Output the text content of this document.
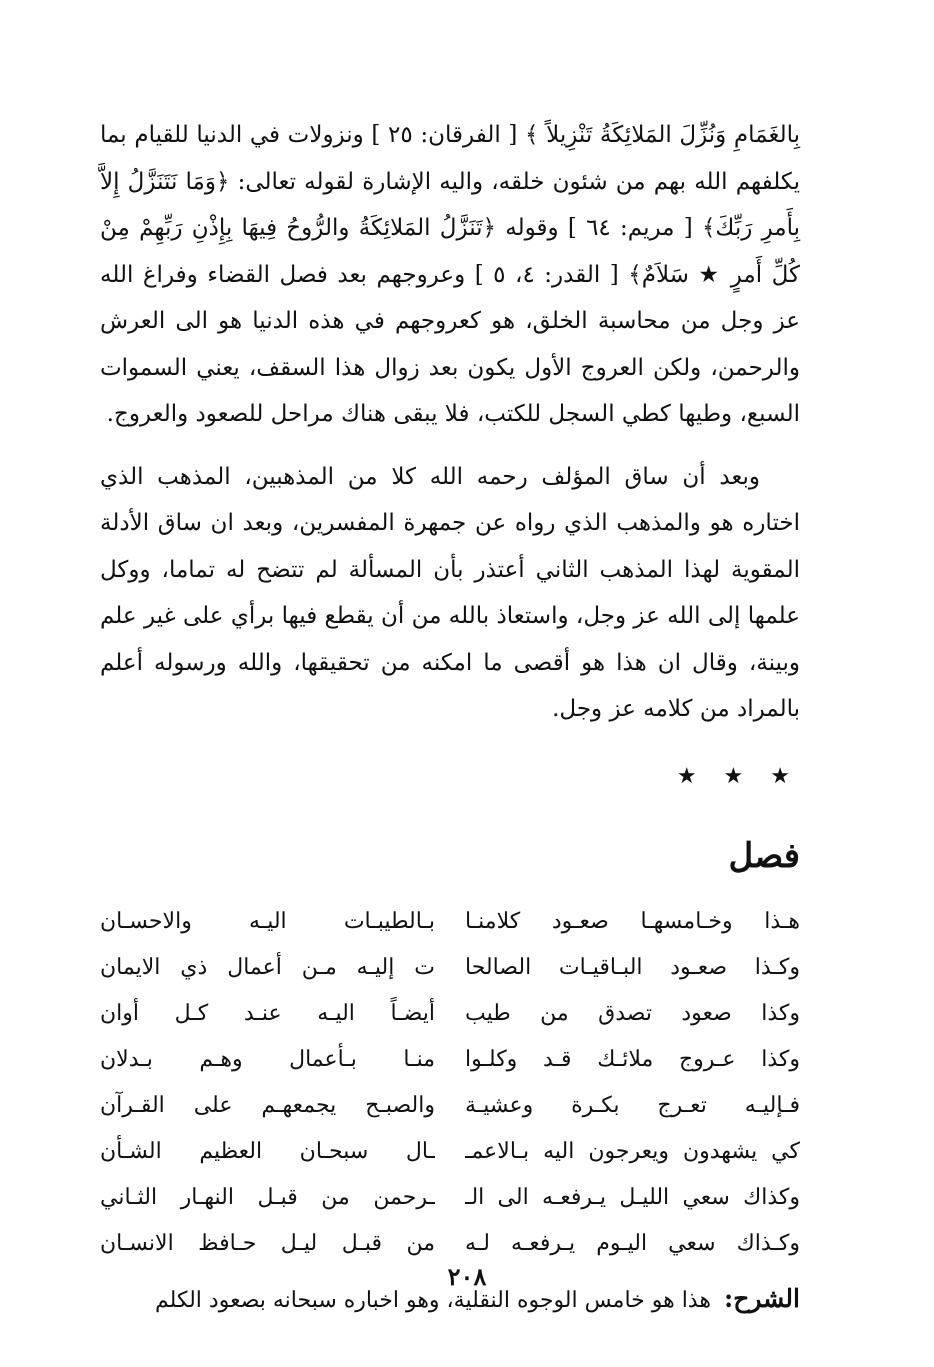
بِالغَمَامِ وَنُزِّلَ المَلائِكَةُ تَنْزِيلاً ﴾ [ الفرقان: ٢٥ ] ونزولات في الدنيا للقيام بما يكلفهم الله بهم من شئون خلقه، واليه الإشارة لقوله تعالى: ﴿وَمَا نَتَنَزَّلُ إِلاَّ بِأَمرِ رَبِّكَ﴾ [ مريم: ٦٤ ] وقوله ﴿تَنَزَّلُ المَلائِكَةُ والرُّوحُ فِيهَا بِإِذْنِ رَبِّهِمْ مِنْ كُلِّ أَمرٍ ★ سَلاَمٌ﴾ [ القدر: ٤، ٥ ] وعروجهم بعد فصل القضاء وفراغ الله عز وجل من محاسبة الخلق، هو كعروجهم في هذه الدنيا هو الى العرش والرحمن، ولكن العروج الأول يكون بعد زوال هذا السقف، يعني السموات السبع، وطيها كطي السجل للكتب، فلا يبقى هناك مراحل للصعود والعروج.

وبعد أن ساق المؤلف رحمه الله كلا من المذهبين، المذهب الذي اختاره هو والمذهب الذي رواه عن جمهرة المفسرين، وبعد ان ساق الأدلة المقوية لهذا المذهب الثاني أعتذر بأن المسألة لم تتضح له تماما، ووكل علمها إلى الله عز وجل، واستعاذ بالله من أن يقطع فيها برأي على غير علم وبينة، وقال ان هذا هو أقصى ما امكنه من تحقيقها، والله ورسوله أعلم بالمراد من كلامه عز وجل.

★ ★ ★
فصل
هـذا وخـامسهـا صعـود كلامنـا
بـالطيبـات اليـه والاحسـان
وكـذا صعـود البـاقيـات الصالحا
ت إليـه مـن أعمال ذي الايمان
وكذا صعود تصدق من طيب
أيضـاً اليـه عنـد كـل أوان
وكذا عـروج ملائـك قـد وكلـوا
منـا بـأعمال وهـم بـدلان
فـإليـه تعـرج بكـرة وعشيـة
والصبـح يجمعهـم على القـرآن
كي يشهدون ويعرجون اليه بـالاعمـ
ـال سبحـان العظيم الشـأن
وكذاك سعي الليـل يـرفعـه الى الـ
ـرحمن من قبـل النهـار الثـاني
وكـذاك سعي اليـوم يـرفعـه لـه
من قبـل ليـل حـافظ الانسـان
الشرح: هذا هو خامس الوجوه النقلية، وهو اخباره سبحانه بصعود الكلم
٢٠٨
